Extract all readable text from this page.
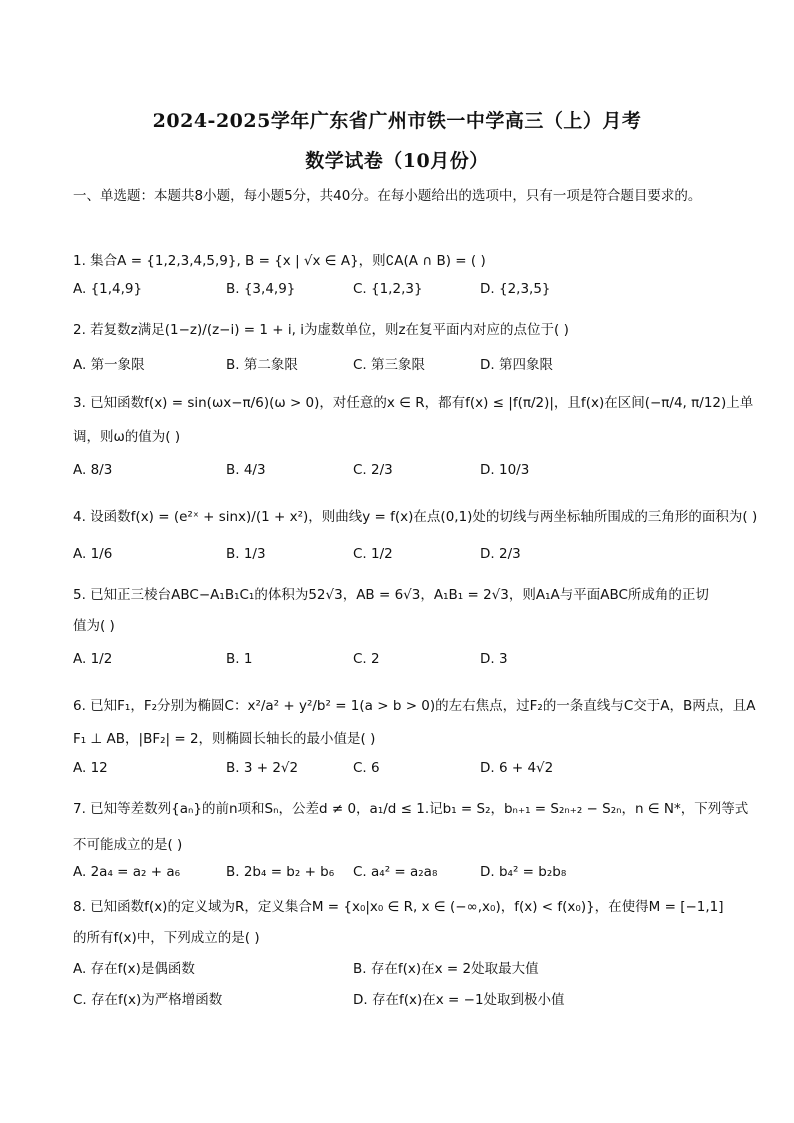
2024-2025学年广东省广州市铁一中学高三（上）月考
数学试卷（10月份）
一、单选题：本题共8小题，每小题5分，共40分。在每小题给出的选项中，只有一项是符合题目要求的。
1. 集合A = {1,2,3,4,5,9}, B = {x | √x ∈ A}，则∁A(A ∩ B) = ( )
A. {1,4,9}	B. {3,4,9}	C. {1,2,3}	D. {2,3,5}
2. 若复数z满足(1−z)/(z−i) = 1 + i, i为虚数单位，则z在复平面内对应的点位于( )
A. 第一象限	B. 第二象限	C. 第三象限	D. 第四象限
3. 已知函数f(x) = sin(ωx−π/6)(ω > 0)，对任意的x ∈ R，都有f(x) ≤ |f(π/2)|，且f(x)在区间(−π/4, π/12)上单
调，则ω的值为( )
A. 8/3	B. 4/3	C. 2/3	D. 10/3
4. 设函数f(x) = (e²ˣ + sinx)/(1 + x²)，则曲线y = f(x)在点(0,1)处的切线与两坐标轴所围成的三角形的面积为( )
A. 1/6	B. 1/3	C. 1/2	D. 2/3
5. 已知正三棱台ABC−A₁B₁C₁的体积为52√3，AB = 6√3，A₁B₁ = 2√3，则A₁A与平面ABC所成角的正切
值为( )
A. 1/2	B. 1	C. 2	D. 3
6. 已知F₁，F₂分别为椭圆C：x²/a² + y²/b² = 1(a > b > 0)的左右焦点，过F₂的一条直线与C交于A，B两点，且A
F₁ ⊥ AB，|BF₂| = 2，则椭圆长轴长的最小值是( )
A. 12	B. 3 + 2√2	C. 6	D. 6 + 4√2
7. 已知等差数列{aₙ}的前n项和Sₙ，公差d ≠ 0，a₁/d ≤ 1.记b₁ = S₂，bₙ₊₁ = S₂ₙ₊₂ − S₂ₙ，n ∈ N*，下列等式
不可能成立的是( )
A. 2a₄ = a₂ + a₆	B. 2b₄ = b₂ + b₆ C. a₄² = a₂a₈	D. b₄² = b₂b₈
8. 已知函数f(x)的定义域为R，定义集合M = {x₀|x₀ ∈ R, x ∈ (−∞,x₀)，f(x) < f(x₀)}，在使得M = [−1,1]
的所有f(x)中，下列成立的是( )
A. 存在f(x)是偶函数	B. 存在f(x)在x = 2处取最大值
C. 存在f(x)为严格增函数	D. 存在f(x)在x = −1处取到极小值
